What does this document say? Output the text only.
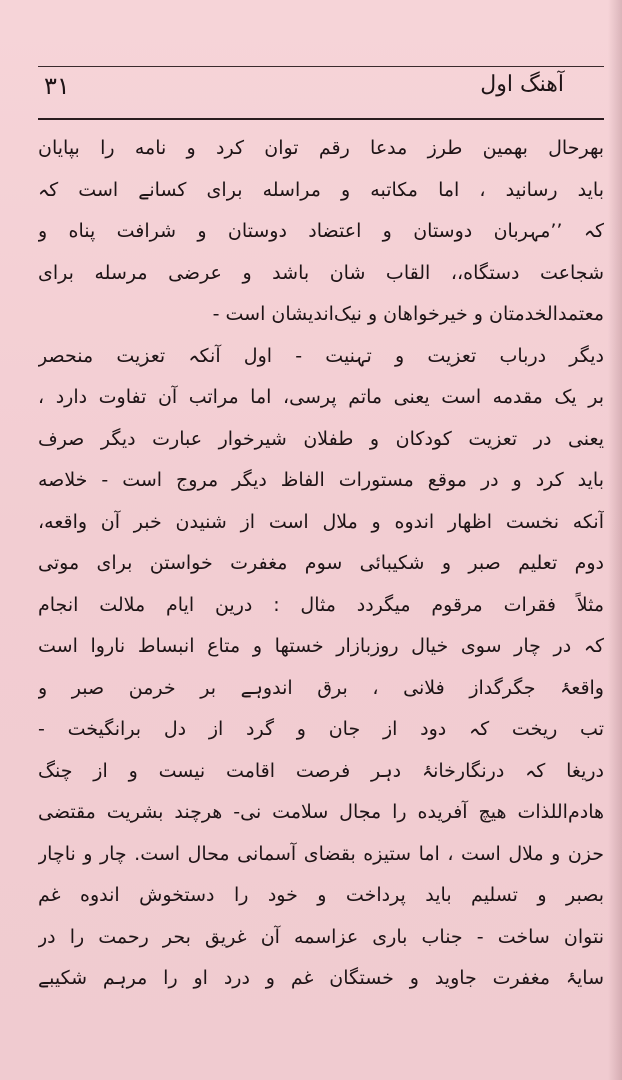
آهنگ اول
۳۱
بهرحال بهمین طرز مدعا رقم توان کرد و نامه را بپایان
باید رسانید ، اما مکاتبه و مراسله برای کسانے است کہ
کہ ’’مہربان دوستان و اعتضاد دوستان و شرافت پناه و
شجاعت دستگاه،، القاب شان باشد و عرضی مرسله برای
معتمدالخدمتان و خیرخواهان و نیک‌اندیشان است -
دیگر درباب تعزیت و تہنیت - اول آنکہ تعزیت منحصر
بر یک مقدمه است یعنی ماتم پرسی، اما مراتب آن تفاوت دارد ،
یعنی در تعزیت کودکان و طفلان شیرخوار عبارت دیگر صرف
باید کرد و در موقع مستورات الفاظ دیگر مروج است - خلاصه
آنکه نخست اظهار اندوه و ملال است از شنیدن خبر آن واقعه،
دوم تعلیم صبر و شکیبائی سوم مغفرت خواستن برای موتی
مثلاً فقرات مرقوم میگردد مثال : درین ایام ملالت انجام
کہ در چار سوی خیال روزبازار خستها و متاع انبساط ناروا است
واقعۂ جگرگداز فلانی ، برق اندوہے بر خرمن صبر و
تب ریخت کہ دود از جان و گرد از دل برانگیخت -
دریغا کہ درنگارخانۂ دہر فرصت اقامت نیست و از چنگ
هادم‌اللذات هیچ آفریده را مجال سلامت نی- هرچند بشریت مقتضی
حزن و ملال است ، اما ستیزه بقضای آسمانی محال است. چار و ناچار
بصبر و تسلیم باید پرداخت و خود را دستخوش اندوه غم
نتوان ساخت - جناب باری عزاسمه آن غریق بحر رحمت را در
سایۂ مغفرت جاوید و خستگان غم و درد او را مرہم شکیبے
